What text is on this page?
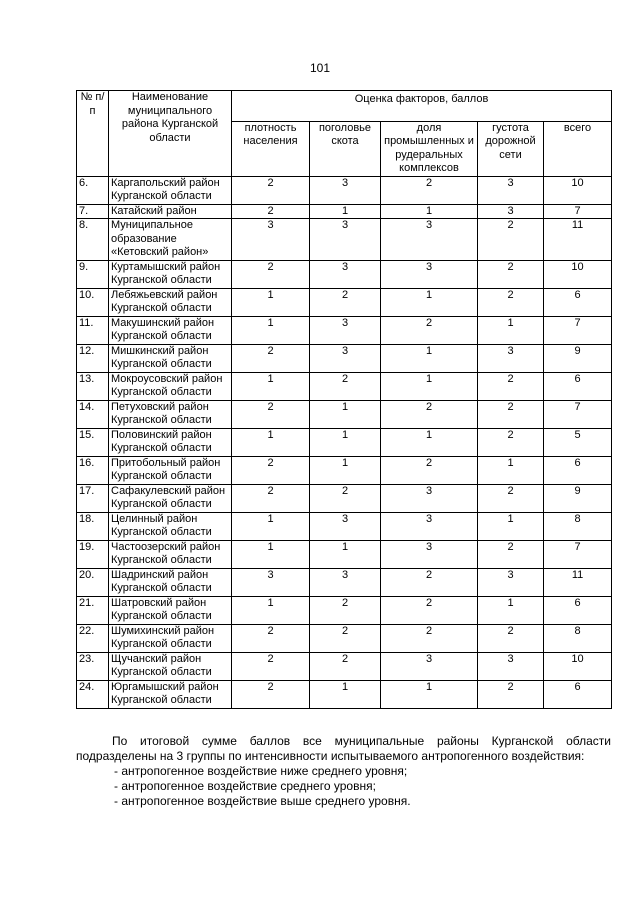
101
№ п/п	Наименование муниципального района Курганской области	Оценка факторов, баллов				
		плотность населения	поголовье скота	доля промышленных и рудеральных комплексов	густота дорожной сети	всего
6.	Каргапольский район Курганской области	2	3	2	3	10
7.	Катайский район	2	1	1	3	7
8.	Муниципальное образование «Кетовский район»	3	3	3	2	11
9.	Куртамышский район Курганской области	2	3	3	2	10
10.	Лебяжьевский район Курганской области	1	2	1	2	6
11.	Макушинский район Курганской области	1	3	2	1	7
12.	Мишкинский район Курганской области	2	3	1	3	9
13.	Мокроусовский район Курганской области	1	2	1	2	6
14.	Петуховский район Курганской области	2	1	2	2	7
15.	Половинский район Курганской области	1	1	1	2	5
16.	Притобольный район Курганской области	2	1	2	1	6
17.	Сафакулевский район Курганской области	2	2	3	2	9
18.	Целинный район Курганской области	1	3	3	1	8
19.	Частоозерский район Курганской области	1	1	3	2	7
20.	Шадринский район Курганской области	3	3	2	3	11
21.	Шатровский район Курганской области	1	2	2	1	6
22.	Шумихинский район Курганской области	2	2	2	2	8
23.	Щучанский район Курганской области	2	2	3	3	10
24.	Юргамышский район Курганской области	2	1	1	2	6

По итоговой сумме баллов все муниципальные районы Курганской области подразделены на 3 группы по интенсивности испытываемого антропогенного воздействия:

- антропогенное воздействие ниже среднего уровня;
- антропогенное воздействие среднего уровня;
- антропогенное воздействие выше среднего уровня.
